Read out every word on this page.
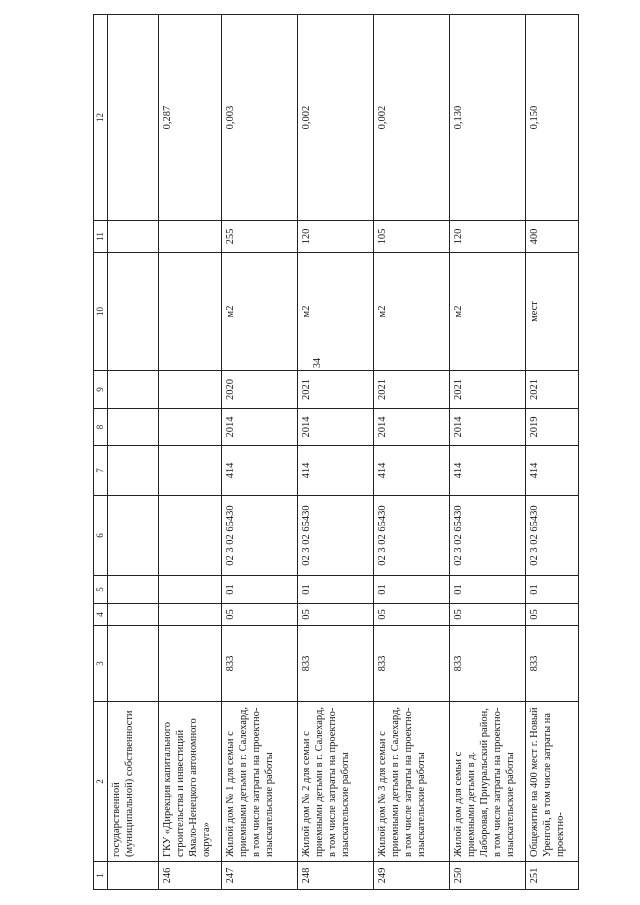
34
1	2	3	4	5	6	7	8	9	10	11	12
	государственной (муниципальной) собственности										
246	ГКУ «Дирекция капитального строительства и инвестиций Ямало-Ненецкого автономного округа»										0,287
247	Жилой дом № 1 для семьи с приемными детьми в г. Салехард, в том числе затраты на проектно-изыскательские работы	833	05	01	02 3 02 65430	414	2014	2020	м2	255	0,003
248	Жилой дом № 2 для семьи с приемными детьми в г. Салехард, в том числе затраты на проектно-изыскательские работы	833	05	01	02 3 02 65430	414	2014	2021	м2	120	0,002
249	Жилой дом № 3 для семьи с приемными детьми в г. Салехард, в том числе затраты на проектно-изыскательские работы	833	05	01	02 3 02 65430	414	2014	2021	м2	105	0,002
250	Жилой дом для семьи с приемными детьми в д. Лаборовая, Приуральский район, в том числе затраты на проектно-изыскательские работы	833	05	01	02 3 02 65430	414	2014	2021	м2	120	0,130
251	Общежитие на 400 мест г. Новый Уренгой, в том числе затраты на проектно-	833	05	01	02 3 02 65430	414	2019	2021	мест	400	0,150
